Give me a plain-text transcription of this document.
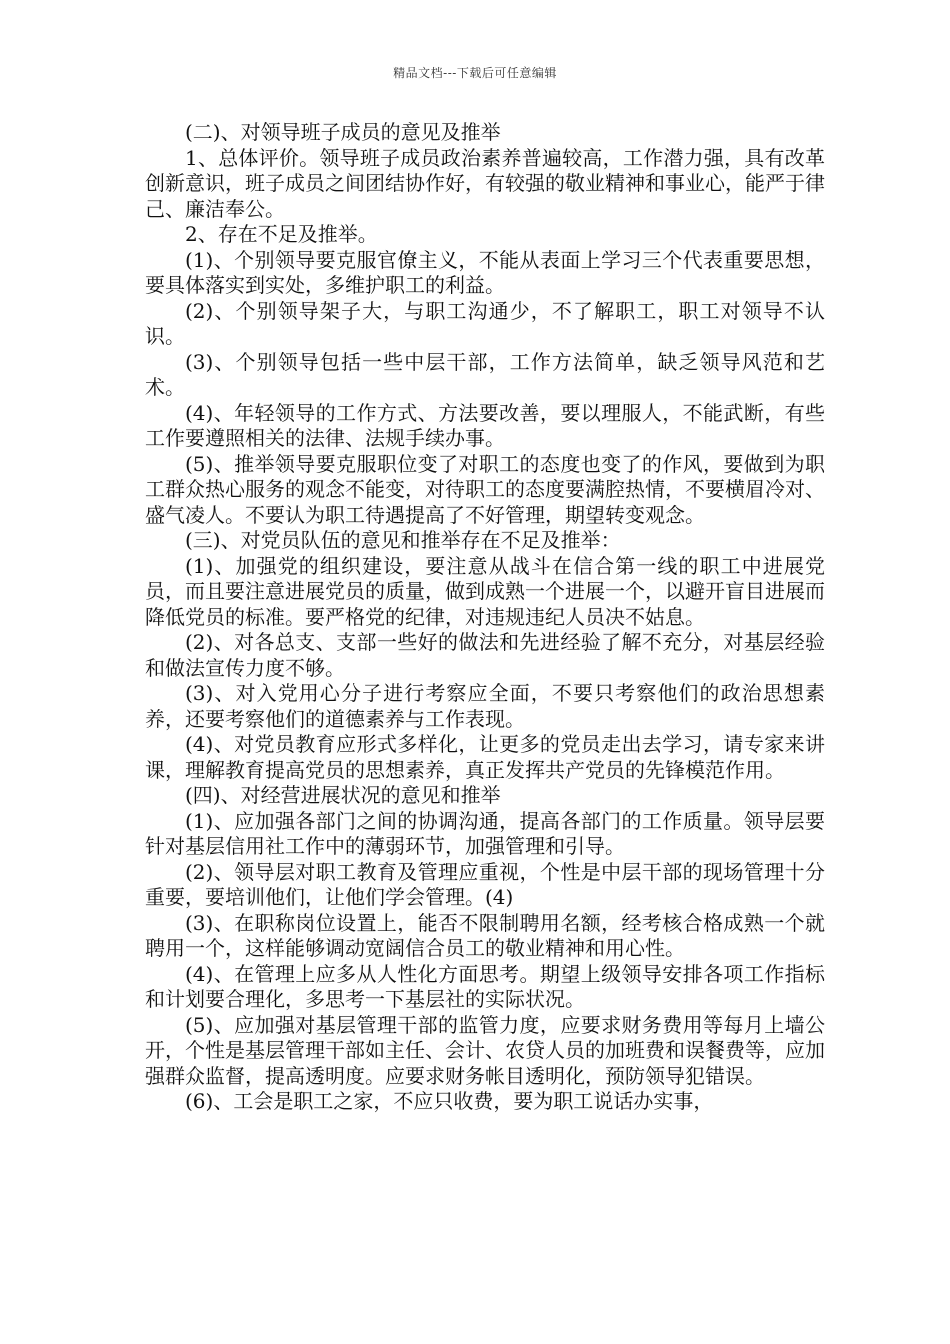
精品文档---下载后可任意编辑

(二)、对领导班子成员的意见及推举

1、总体评价。领导班子成员政治素养普遍较高，工作潜力强，具有改革创新意识，班子成员之间团结协作好，有较强的敬业精神和事业心，能严于律己、廉洁奉公。

2、存在不足及推举。

(1)、个别领导要克服官僚主义，不能从表面上学习三个代表重要思想，要具体落实到实处，多维护职工的利益。

(2)、个别领导架子大，与职工沟通少，不了解职工，职工对领导不认识。

(3)、个别领导包括一些中层干部，工作方法简单，缺乏领导风范和艺术。

(4)、年轻领导的工作方式、方法要改善，要以理服人，不能武断，有些工作要遵照相关的法律、法规手续办事。

(5)、推举领导要克服职位变了对职工的态度也变了的作风，要做到为职工群众热心服务的观念不能变，对待职工的态度要满腔热情，不要横眉冷对、盛气凌人。不要认为职工待遇提高了不好管理，期望转变观念。

(三)、对党员队伍的意见和推举存在不足及推举：

(1)、加强党的组织建设，要注意从战斗在信合第一线的职工中进展党员，而且要注意进展党员的质量，做到成熟一个进展一个，以避开盲目进展而降低党员的标准。要严格党的纪律，对违规违纪人员决不姑息。

(2)、对各总支、支部一些好的做法和先进经验了解不充分，对基层经验和做法宣传力度不够。

(3)、对入党用心分子进行考察应全面，不要只考察他们的政治思想素养，还要考察他们的道德素养与工作表现。

(4)、对党员教育应形式多样化，让更多的党员走出去学习，请专家来讲课，理解教育提高党员的思想素养，真正发挥共产党员的先锋模范作用。

(四)、对经营进展状况的意见和推举

(1)、应加强各部门之间的协调沟通，提高各部门的工作质量。领导层要针对基层信用社工作中的薄弱环节，加强管理和引导。

(2)、领导层对职工教育及管理应重视，个性是中层干部的现场管理十分重要，要培训他们，让他们学会管理。(4)

(3)、在职称岗位设置上，能否不限制聘用名额，经考核合格成熟一个就聘用一个，这样能够调动宽阔信合员工的敬业精神和用心性。

(4)、在管理上应多从人性化方面思考。期望上级领导安排各项工作指标和计划要合理化，多思考一下基层社的实际状况。

(5)、应加强对基层管理干部的监管力度，应要求财务费用等每月上墙公开，个性是基层管理干部如主任、会计、农贷人员的加班费和误餐费等，应加强群众监督，提高透明度。应要求财务帐目透明化，预防领导犯错误。

(6)、工会是职工之家，不应只收费，要为职工说话办实事，
